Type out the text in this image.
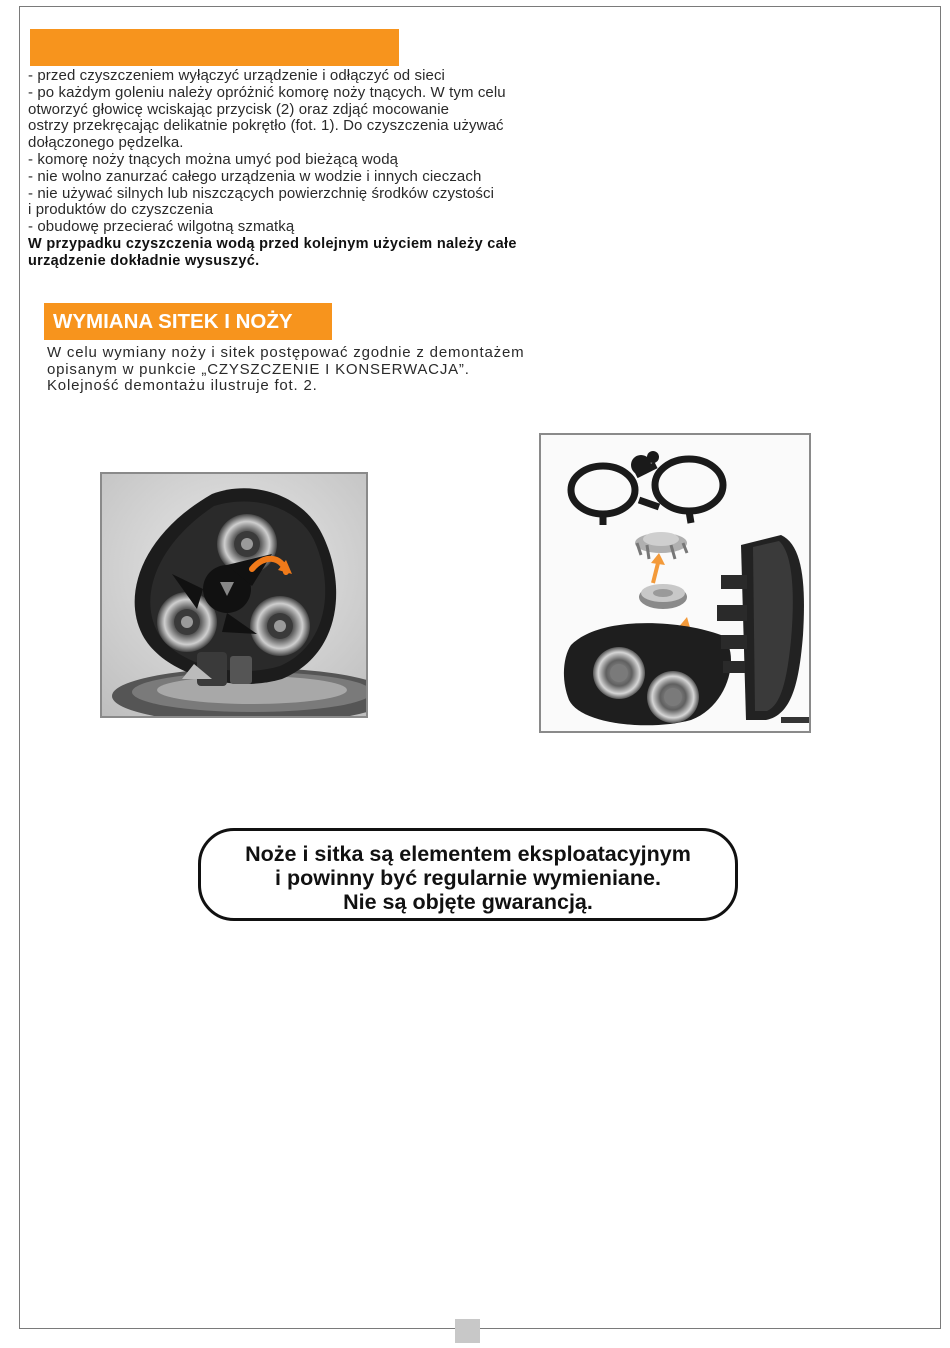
- przed czyszczeniem wyłączyć urządzenie i odłączyć od sieci
- po każdym goleniu należy opróżnić komorę noży tnących. W tym celu
otworzyć głowicę wciskając przycisk (2) oraz zdjąć mocowanie
ostrzy przekręcając delikatnie pokrętło (fot. 1). Do czyszczenia używać
dołączonego pędzelka.
- komorę noży tnących można umyć pod bieżącą wodą
- nie wolno zanurzać całego urządzenia w wodzie i innych cieczach
- nie używać silnych lub niszczących powierzchnię środków czystości
i produktów do czyszczenia
- obudowę przecierać wilgotną szmatką
W przypadku czyszczenia wodą przed kolejnym użyciem należy całe
urządzenie dokładnie wysuszyć.
WYMIANA SITEK I NOŻY
W celu wymiany noży i sitek postępować zgodnie z demontażem
opisanym w punkcie „CZYSZCZENIE I KONSERWACJA”.
Kolejność demontażu ilustruje fot. 2.
Noże i sitka są elementem eksploatacyjnym
i powinny być regularnie wymieniane.
Nie są objęte gwarancją.
